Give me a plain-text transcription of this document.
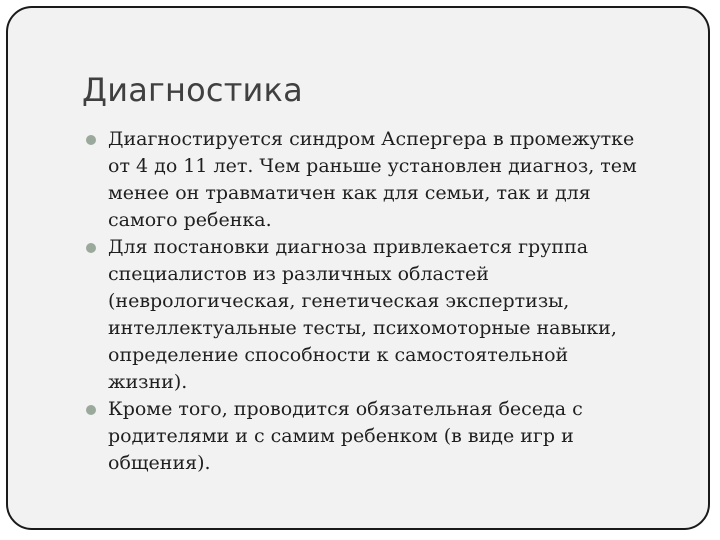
Диагностика
Диагностируется синдром Аспергера в промежутке
от 4 до 11 лет. Чем раньше установлен диагноз, тем
менее он травматичен как для семьи, так и для
самого ребенка.
Для постановки диагноза привлекается группа
специалистов из различных областей
(неврологическая, генетическая экспертизы,
интеллектуальные тесты, психомоторные навыки,
определение способности к самостоятельной
жизни).
Кроме того, проводится обязательная беседа с
родителями и с самим ребенком (в виде игр и
общения).
